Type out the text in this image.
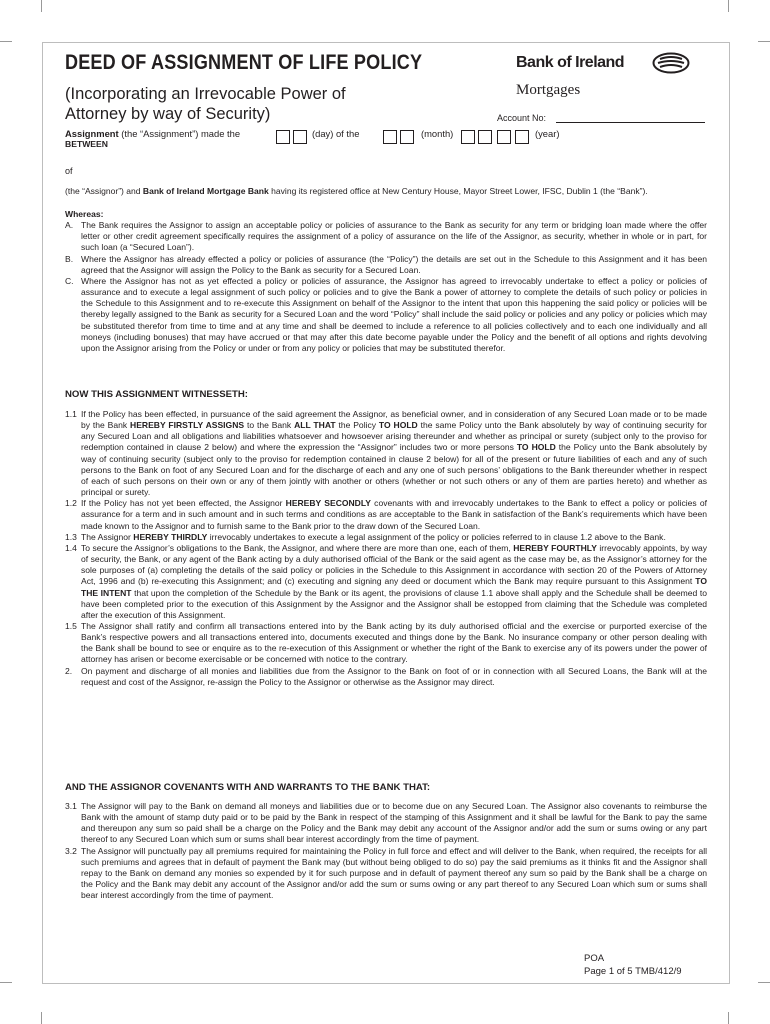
DEED OF ASSIGNMENT OF LIFE POLICY
(Incorporating an Irrevocable Power of
Attorney by way of Security)
Bank of Ireland
Mortgages
Account No:
Assignment (the “Assignment”) made the	(day) of the	(month)	(year)
BETWEEN
of
(the “Assignor”) and Bank of Ireland Mortgage Bank having its registered office at New Century House, Mayor Street Lower, IFSC, Dublin 1 (the “Bank”).

Whereas:

A. The Bank requires the Assignor to assign an acceptable policy or policies of assurance to the Bank as security for any term or bridging loan made where the offer letter or other credit agreement specifically requires the assignment of a policy of assurance on the life of the Assignor, as security, whether in whole or in part, for such loan (a “Secured Loan”).
B. Where the Assignor has already effected a policy or policies of assurance (the “Policy”) the details are set out in the Schedule to this Assignment and it has been agreed that the Assignor will assign the Policy to the Bank as security for a Secured Loan.
C. Where the Assignor has not as yet effected a policy or policies of assurance, the Assignor has agreed to irrevocably undertake to effect a policy or policies of assurance and to execute a legal assignment of such policy or policies and to give the Bank a power of attorney to complete the details of such policy or policies in the Schedule to this Assignment and to re-execute this Assignment on behalf of the Assignor to the intent that upon this happening the said policy or policies will be thereby legally assigned to the Bank as security for a Secured Loan and the word “Policy” shall include the said policy or policies and any policy or policies which may be substituted therefor from time to time and at any time and shall be deemed to include a reference to all policies collectively and to each one individually and all moneys (including bonuses) that may have accrued or that may after this date become payable under the Policy and the benefit of all options and rights devolving upon the Assignor arising from the Policy or under or from any policy or policies that may be substituted therefor.
NOW THIS ASSIGNMENT WITNESSETH:
1.1 If the Policy has been effected, in pursuance of the said agreement the Assignor, as beneficial owner, and in consideration of any Secured Loan made or to be made by the Bank HEREBY FIRSTLY ASSIGNS to the Bank ALL THAT the Policy TO HOLD the same Policy unto the Bank absolutely by way of continuing security for any Secured Loan and all obligations and liabilities whatsoever and howsoever arising thereunder and whether as principal or surety (subject only to the proviso for redemption contained in clause 2 below) and where the expression the “Assignor” includes two or more persons TO HOLD the Policy unto the Bank absolutely by way of continuing security (subject only to the proviso for redemption contained in clause 2 below) for all of the present or future liabilities of each and any of such persons to the Bank on foot of any Secured Loan and for the discharge of each and any one of such persons’ obligations to the Bank thereunder whether in respect of each of such persons on their own or any of them jointly with another or others (whether or not such others or any of them are parties hereto) and whether as principal or surety.
1.2 If the Policy has not yet been effected, the Assignor HEREBY SECONDLY covenants with and irrevocably undertakes to the Bank to effect a policy or policies of assurance for a term and in such amount and in such terms and conditions as are acceptable to the Bank in satisfaction of the Bank’s requirements which have been made known to the Assignor and to furnish same to the Bank prior to the draw down of the Secured Loan.
1.3 The Assignor HEREBY THIRDLY irrevocably undertakes to execute a legal assignment of the policy or policies referred to in clause 1.2 above to the Bank.
1.4 To secure the Assignor’s obligations to the Bank, the Assignor, and where there are more than one, each of them, HEREBY FOURTHLY irrevocably appoints, by way of security, the Bank, or any agent of the Bank acting by a duly authorised official of the Bank or the said agent as the case may be, as the Assignor’s attorney for the sole purposes of (a) completing the details of the said policy or policies in the Schedule to this Assignment in accordance with section 20 of the Powers of Attorney Act, 1996 and (b) re-executing this Assignment; and (c) executing and signing any deed or document which the Bank may require pursuant to this Assignment TO THE INTENT that upon the completion of the Schedule by the Bank or its agent, the provisions of clause 1.1 above shall apply and the Schedule shall be deemed to have been completed prior to the execution of this Assignment by the Assignor and the Assignor shall be estopped from claiming that the Schedule was completed after the execution of this Assignment.
1.5 The Assignor shall ratify and confirm all transactions entered into by the Bank acting by its duly authorised official and the exercise or purported exercise of the Bank’s respective powers and all transactions entered into, documents executed and things done by the Bank. No insurance company or other person dealing with the Bank shall be bound to see or enquire as to the re-execution of this Assignment or whether the right of the Bank to exercise any of its powers under the power of attorney has arisen or become exercisable or be concerned with notice to the contrary.
2.	On payment and discharge of all monies and liabilities due from the Assignor to the Bank on foot of or in connection with all Secured Loans, the Bank will at the request and cost of the Assignor, re-assign the Policy to the Assignor or otherwise as the Assignor may direct.
AND THE ASSIGNOR COVENANTS WITH AND WARRANTS TO THE BANK THAT:
3.1 The Assignor will pay to the Bank on demand all moneys and liabilities due or to become due on any Secured Loan. The Assignor also covenants to reimburse the Bank with the amount of stamp duty paid or to be paid by the Bank in respect of the stamping of this Assignment and it shall be lawful for the Bank to pay the same and thereupon any sum so paid shall be a charge on the Policy and the Bank may debit any account of the Assignor and/or add the sum or sums owing or any part thereof to any Secured Loan which sum or sums shall bear interest accordingly from the time of payment.
3.2 The Assignor will punctually pay all premiums required for maintaining the Policy in full force and effect and will deliver to the Bank, when required, the receipts for all such premiums and agrees that in default of payment the Bank may (but without being obliged to do so) pay the said premiums as it thinks fit and the Assignor shall repay to the Bank on demand any monies so expended by it for such purpose and in default of payment thereof any sum so paid by the Bank shall be a charge on the Policy and the Bank may debit any account of the Assignor and/or add the sum or sums owing or any part thereof to any Secured Loan which sum or sums shall bear interest accordingly from the time of payment.
POA
Page 1 of 5 TMB/412/9
